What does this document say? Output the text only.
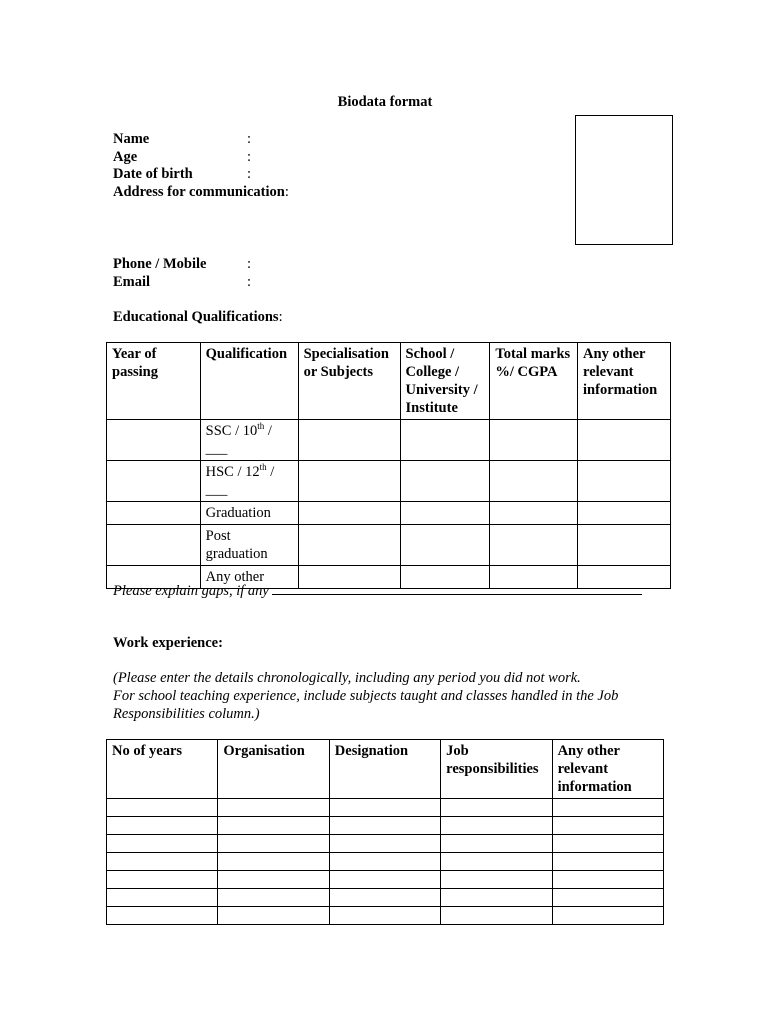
Biodata format
Name	:
Age	:
Date of birth	:
Address for communication:
Phone / Mobile	:
Email	:
Educational Qualifications:
Year of passing	Qualification	Specialisation or Subjects	School / College / University / Institute	Total marks %/ CGPA	Any other relevant information
	SSC / 10th / ___				
	HSC / 12th / ___				
	Graduation				
	Post graduation				
	Any other				
Please explain gaps, if any
Work experience:
(Please enter the details chronologically, including any period you did not work.
For school teaching experience, include subjects taught and classes handled in the Job Responsibilities column.)
No of years	Organisation	Designation	Job responsibilities	Any other relevant information
